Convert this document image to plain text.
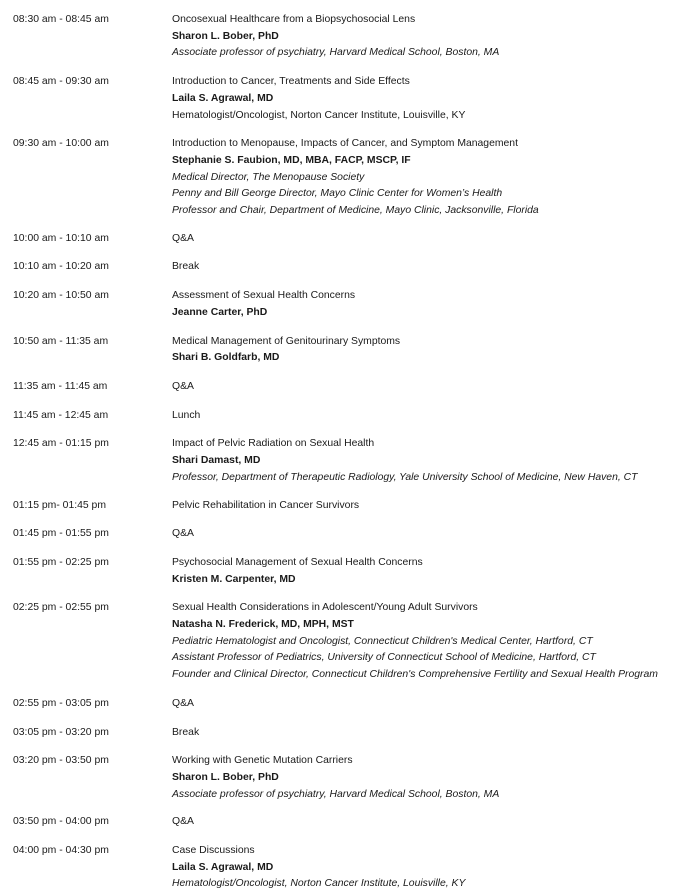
08:30 am - 08:45 am	Oncosexual Healthcare from a Biopsychosocial Lens
Sharon L. Bober, PhD
Associate professor of psychiatry, Harvard Medical School, Boston, MA
08:45 am - 09:30 am	Introduction to Cancer, Treatments and Side Effects
Laila S. Agrawal, MD
Hematologist/Oncologist, Norton Cancer Institute, Louisville, KY
09:30 am - 10:00 am	Introduction to Menopause, Impacts of Cancer, and Symptom Management
Stephanie S. Faubion, MD, MBA, FACP, MSCP, IF
Medical Director, The Menopause Society
Penny and Bill George Director, Mayo Clinic Center for Women’s Health
Professor and Chair, Department of Medicine, Mayo Clinic, Jacksonville, Florida
10:00 am - 10:10 am	Q&A
10:10 am - 10:20 am	Break
10:20 am - 10:50 am	Assessment of Sexual Health Concerns
Jeanne Carter, PhD
10:50 am - 11:35 am	Medical Management of Genitourinary Symptoms
Shari B. Goldfarb, MD
11:35 am - 11:45 am	Q&A
11:45 am - 12:45 am	Lunch
12:45 am - 01:15 pm	Impact of Pelvic Radiation on Sexual Health
Shari Damast, MD
Professor, Department of Therapeutic Radiology, Yale University School of Medicine, New Haven, CT
01:15 pm- 01:45 pm	Pelvic Rehabilitation in Cancer Survivors
01:45 pm - 01:55 pm	Q&A
01:55 pm - 02:25 pm	Psychosocial Management of Sexual Health Concerns
Kristen M. Carpenter, MD
02:25 pm - 02:55 pm	Sexual Health Considerations in Adolescent/Young Adult Survivors
Natasha N. Frederick, MD, MPH, MST
Pediatric Hematologist and Oncologist, Connecticut Children's Medical Center, Hartford, CT
Assistant Professor of Pediatrics, University of Connecticut School of Medicine, Hartford, CT
Founder and Clinical Director, Connecticut Children's Comprehensive Fertility and Sexual Health Program
02:55 pm - 03:05 pm	Q&A
03:05 pm - 03:20 pm	Break
03:20 pm - 03:50 pm	Working with Genetic Mutation Carriers
Sharon L. Bober, PhD
Associate professor of psychiatry, Harvard Medical School, Boston, MA
03:50 pm - 04:00 pm	Q&A
04:00 pm - 04:30 pm	Case Discussions
Laila S. Agrawal, MD
Hematologist/Oncologist, Norton Cancer Institute, Louisville, KY
